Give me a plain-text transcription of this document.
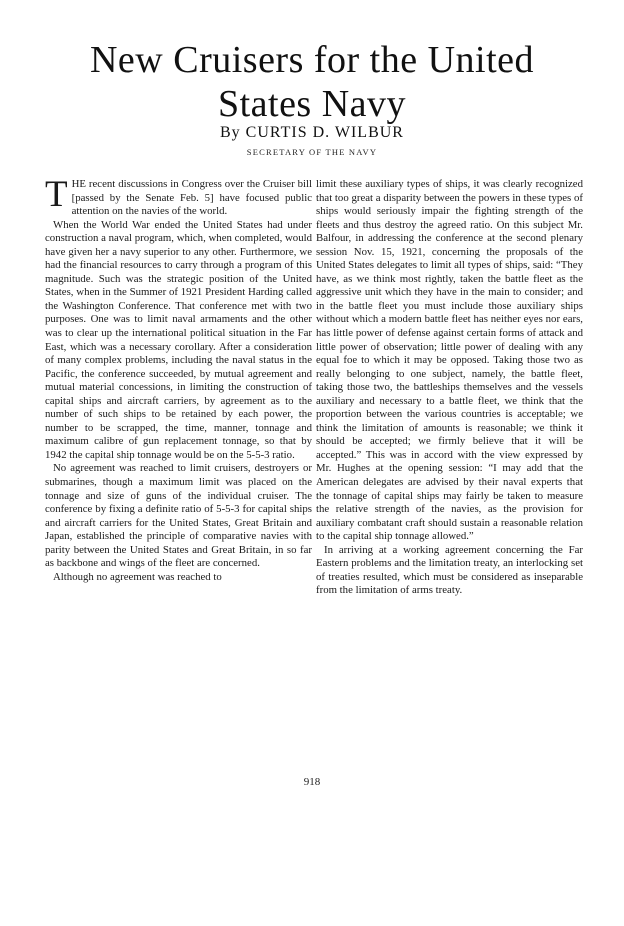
New Cruisers for the United
States Navy
By CURTIS D. WILBUR
SECRETARY OF THE NAVY

THE recent discussions in Congress over the Cruiser bill [passed by the Senate Feb. 5] have focused public attention on the navies of the world.

When the World War ended the United States had under construction a naval program, which, when completed, would have given her a navy superior to any other. Furthermore, we had the financial resources to carry through a program of this magnitude. Such was the strategic position of the United States, when in the Summer of 1921 President Harding called the Washington Conference. That conference met with two purposes. One was to limit naval armaments and the other was to clear up the international political situation in the Far East, which was a necessary corollary. After a consideration of many complex problems, including the naval status in the Pacific, the conference succeeded, by mutual agreement and mutual material concessions, in limiting the construction of capital ships and aircraft carriers, by agreement as to the number of such ships to be retained by each power, the number to be scrapped, the time, manner, tonnage and maximum calibre of gun replacement tonnage, so that by 1942 the capital ship tonnage would be on the 5-5-3 ratio.

No agreement was reached to limit cruisers, destroyers or submarines, though a maximum limit was placed on the tonnage and size of guns of the individual cruiser. The conference by fixing a definite ratio of 5-5-3 for capital ships and aircraft carriers for the United States, Great Britain and Japan, established the principle of comparative navies with parity between the United States and Great Britain, in so far as backbone and wings of the fleet are concerned.

Although no agreement was reached to

limit these auxiliary types of ships, it was clearly recognized that too great a disparity between the powers in these types of ships would seriously impair the fighting strength of the fleets and thus destroy the agreed ratio. On this subject Mr. Balfour, in addressing the conference at the second plenary session Nov. 15, 1921, concerning the proposals of the United States delegates to limit all types of ships, said: “They have, as we think most rightly, taken the battle fleet as the aggressive unit which they have in the main to consider; and in the battle fleet you must include those auxiliary ships without which a modern battle fleet has neither eyes nor ears, has little power of defense against certain forms of attack and little power of observation; little power of dealing with any equal foe to which it may be opposed. Taking those two as really belonging to one subject, namely, the battle fleet, taking those two, the battleships themselves and the vessels auxiliary and necessary to a battle fleet, we think that the proportion between the various countries is acceptable; we think the limitation of amounts is reasonable; we think it should be accepted; we firmly believe that it will be accepted.” This was in accord with the view expressed by Mr. Hughes at the opening session: “I may add that the American delegates are advised by their naval experts that the tonnage of capital ships may fairly be taken to measure the relative strength of the navies, as the provision for auxiliary combatant craft should sustain a reasonable relation to the capital ship tonnage allowed.”

In arriving at a working agreement concerning the Far Eastern problems and the limitation treaty, an interlocking set of treaties resulted, which must be considered as inseparable from the limitation of arms treaty.

918
